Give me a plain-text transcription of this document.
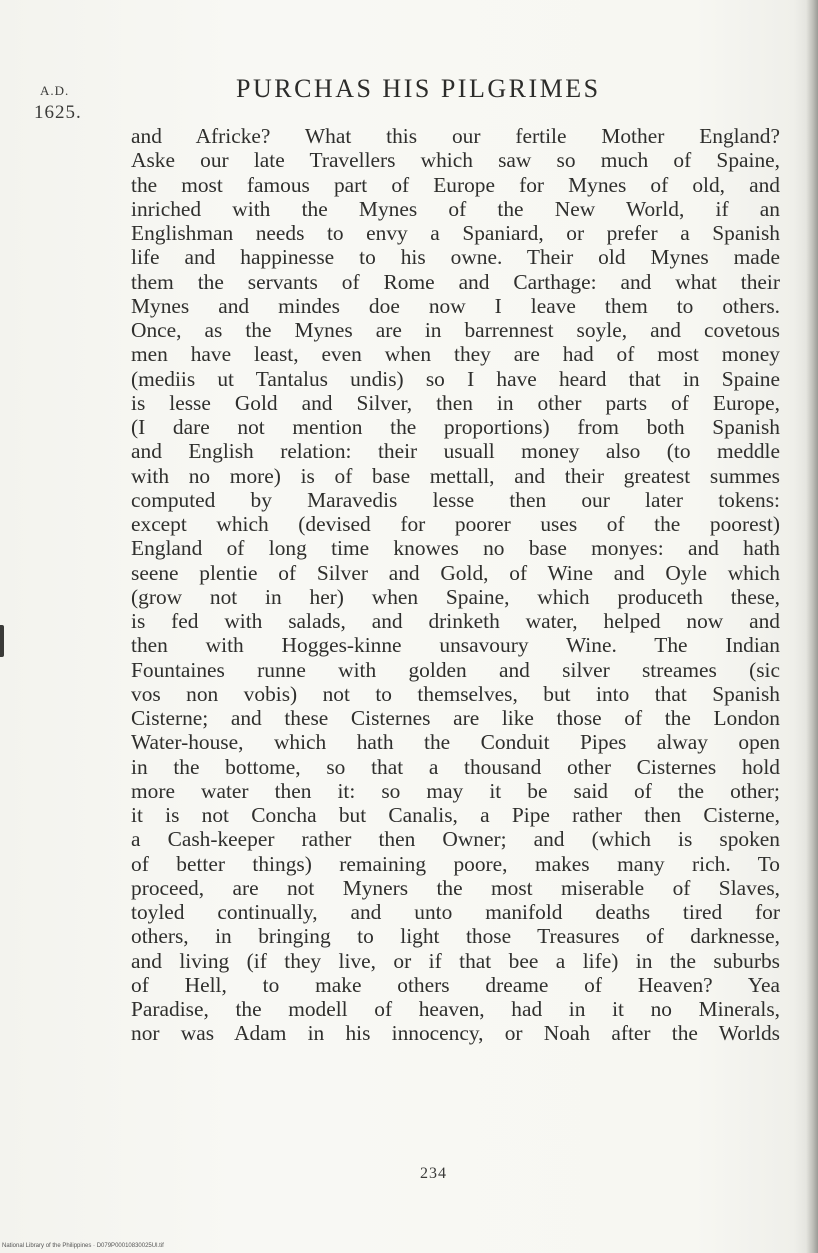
A.D.
1625.
PURCHAS HIS PILGRIMES
and Africke? What this our fertile Mother England?
Aske our late Travellers which saw so much of Spaine,
the most famous part of Europe for Mynes of old, and
inriched with the Mynes of the New World, if an
Englishman needs to envy a Spaniard, or prefer a Spanish
life and happinesse to his owne. Their old Mynes made
them the servants of Rome and Carthage: and what their
Mynes and mindes doe now I leave them to others.
Once, as the Mynes are in barrennest soyle, and covetous
men have least, even when they are had of most money
(mediis ut Tantalus undis) so I have heard that in Spaine
is lesse Gold and Silver, then in other parts of Europe,
(I dare not mention the proportions) from both Spanish
and English relation: their usuall money also (to meddle
with no more) is of base mettall, and their greatest summes
computed by Maravedis lesse then our later tokens:
except which (devised for poorer uses of the poorest)
England of long time knowes no base monyes: and hath
seene plentie of Silver and Gold, of Wine and Oyle which
(grow not in her) when Spaine, which produceth these,
is fed with salads, and drinketh water, helped now and
then with Hogges-kinne unsavoury Wine. The Indian
Fountaines runne with golden and silver streames (sic
vos non vobis) not to themselves, but into that Spanish
Cisterne; and these Cisternes are like those of the London
Water-house, which hath the Conduit Pipes alway open
in the bottome, so that a thousand other Cisternes hold
more water then it: so may it be said of the other;
it is not Concha but Canalis, a Pipe rather then Cisterne,
a Cash-keeper rather then Owner; and (which is spoken
of better things) remaining poore, makes many rich. To
proceed, are not Myners the most miserable of Slaves,
toyled continually, and unto manifold deaths tired for
others, in bringing to light those Treasures of darknesse,
and living (if they live, or if that bee a life) in the suburbs
of Hell, to make others dreame of Heaven? Yea
Paradise, the modell of heaven, had in it no Minerals,
nor was Adam in his innocency, or Noah after the Worlds
234
National Library of the Philippines · D079P00010830025Ul.tif
